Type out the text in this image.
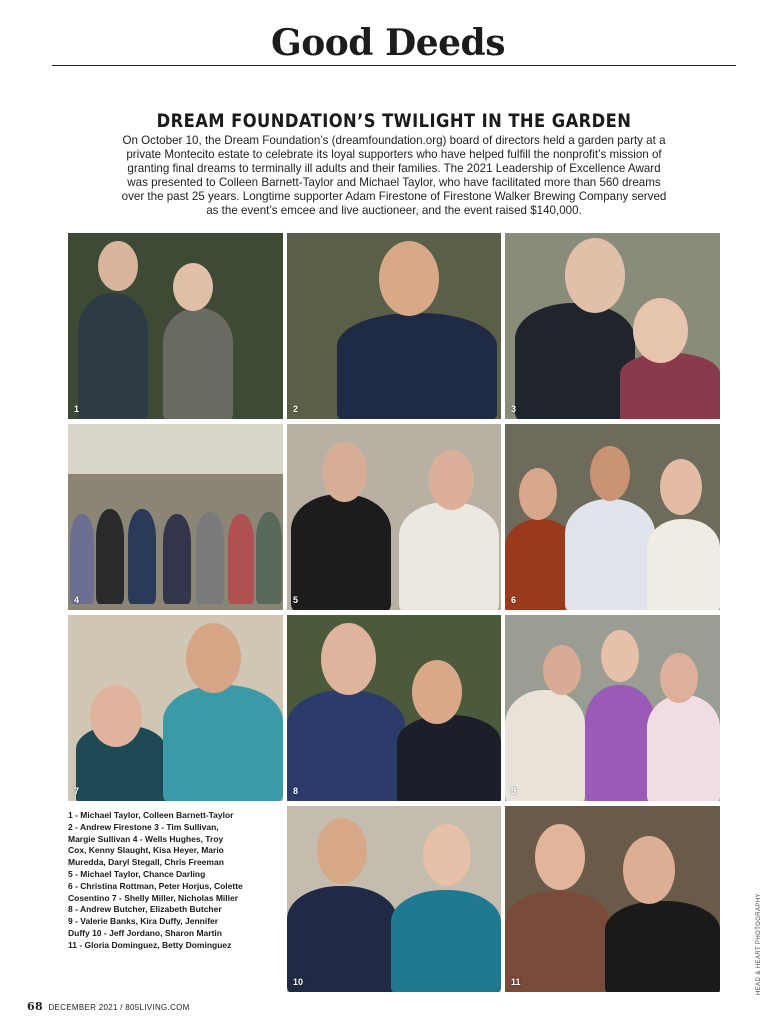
Good Deeds
DREAM FOUNDATION’S TWILIGHT IN THE GARDEN
On October 10, the Dream Foundation’s (dreamfoundation.org) board of directors held a garden party at a private Montecito estate to celebrate its loyal supporters who have helped fulfill the nonprofit’s mission of granting final dreams to terminally ill adults and their families. The 2021 Leadership of Excellence Award was presented to Colleen Barnett-Taylor and Michael Taylor, who have facilitated more than 560 dreams over the past 25 years. Longtime supporter Adam Firestone of Firestone Walker Brewing Company served as the event’s emcee and live auctioneer, and the event raised $140,000.
1	2	3
4	5	6
7	8	9
10	11
1 - Michael Taylor, Colleen Barnett-Taylor
2 - Andrew Firestone 3 - Tim Sullivan,
Margie Sullivan 4 - Wells Hughes, Troy
Cox, Kenny Slaught, Kisa Heyer, Mario
Muredda, Daryl Stegall, Chris Freeman
5 - Michael Taylor, Chance Darling
6 - Christina Rottman, Peter Horjus, Colette
Cosentino 7 - Shelly Miller, Nicholas Miller
8 - Andrew Butcher, Elizabeth Butcher
9 - Valerie Banks, Kira Duffy, Jennifer
Duffy 10 - Jeff Jordano, Sharon Martin
11 - Gloria Dominguez, Betty Dominguez	HEAD & HEART PHOTOGRAPHY
68 DECEMBER 2021 / 805LIVING.COM
